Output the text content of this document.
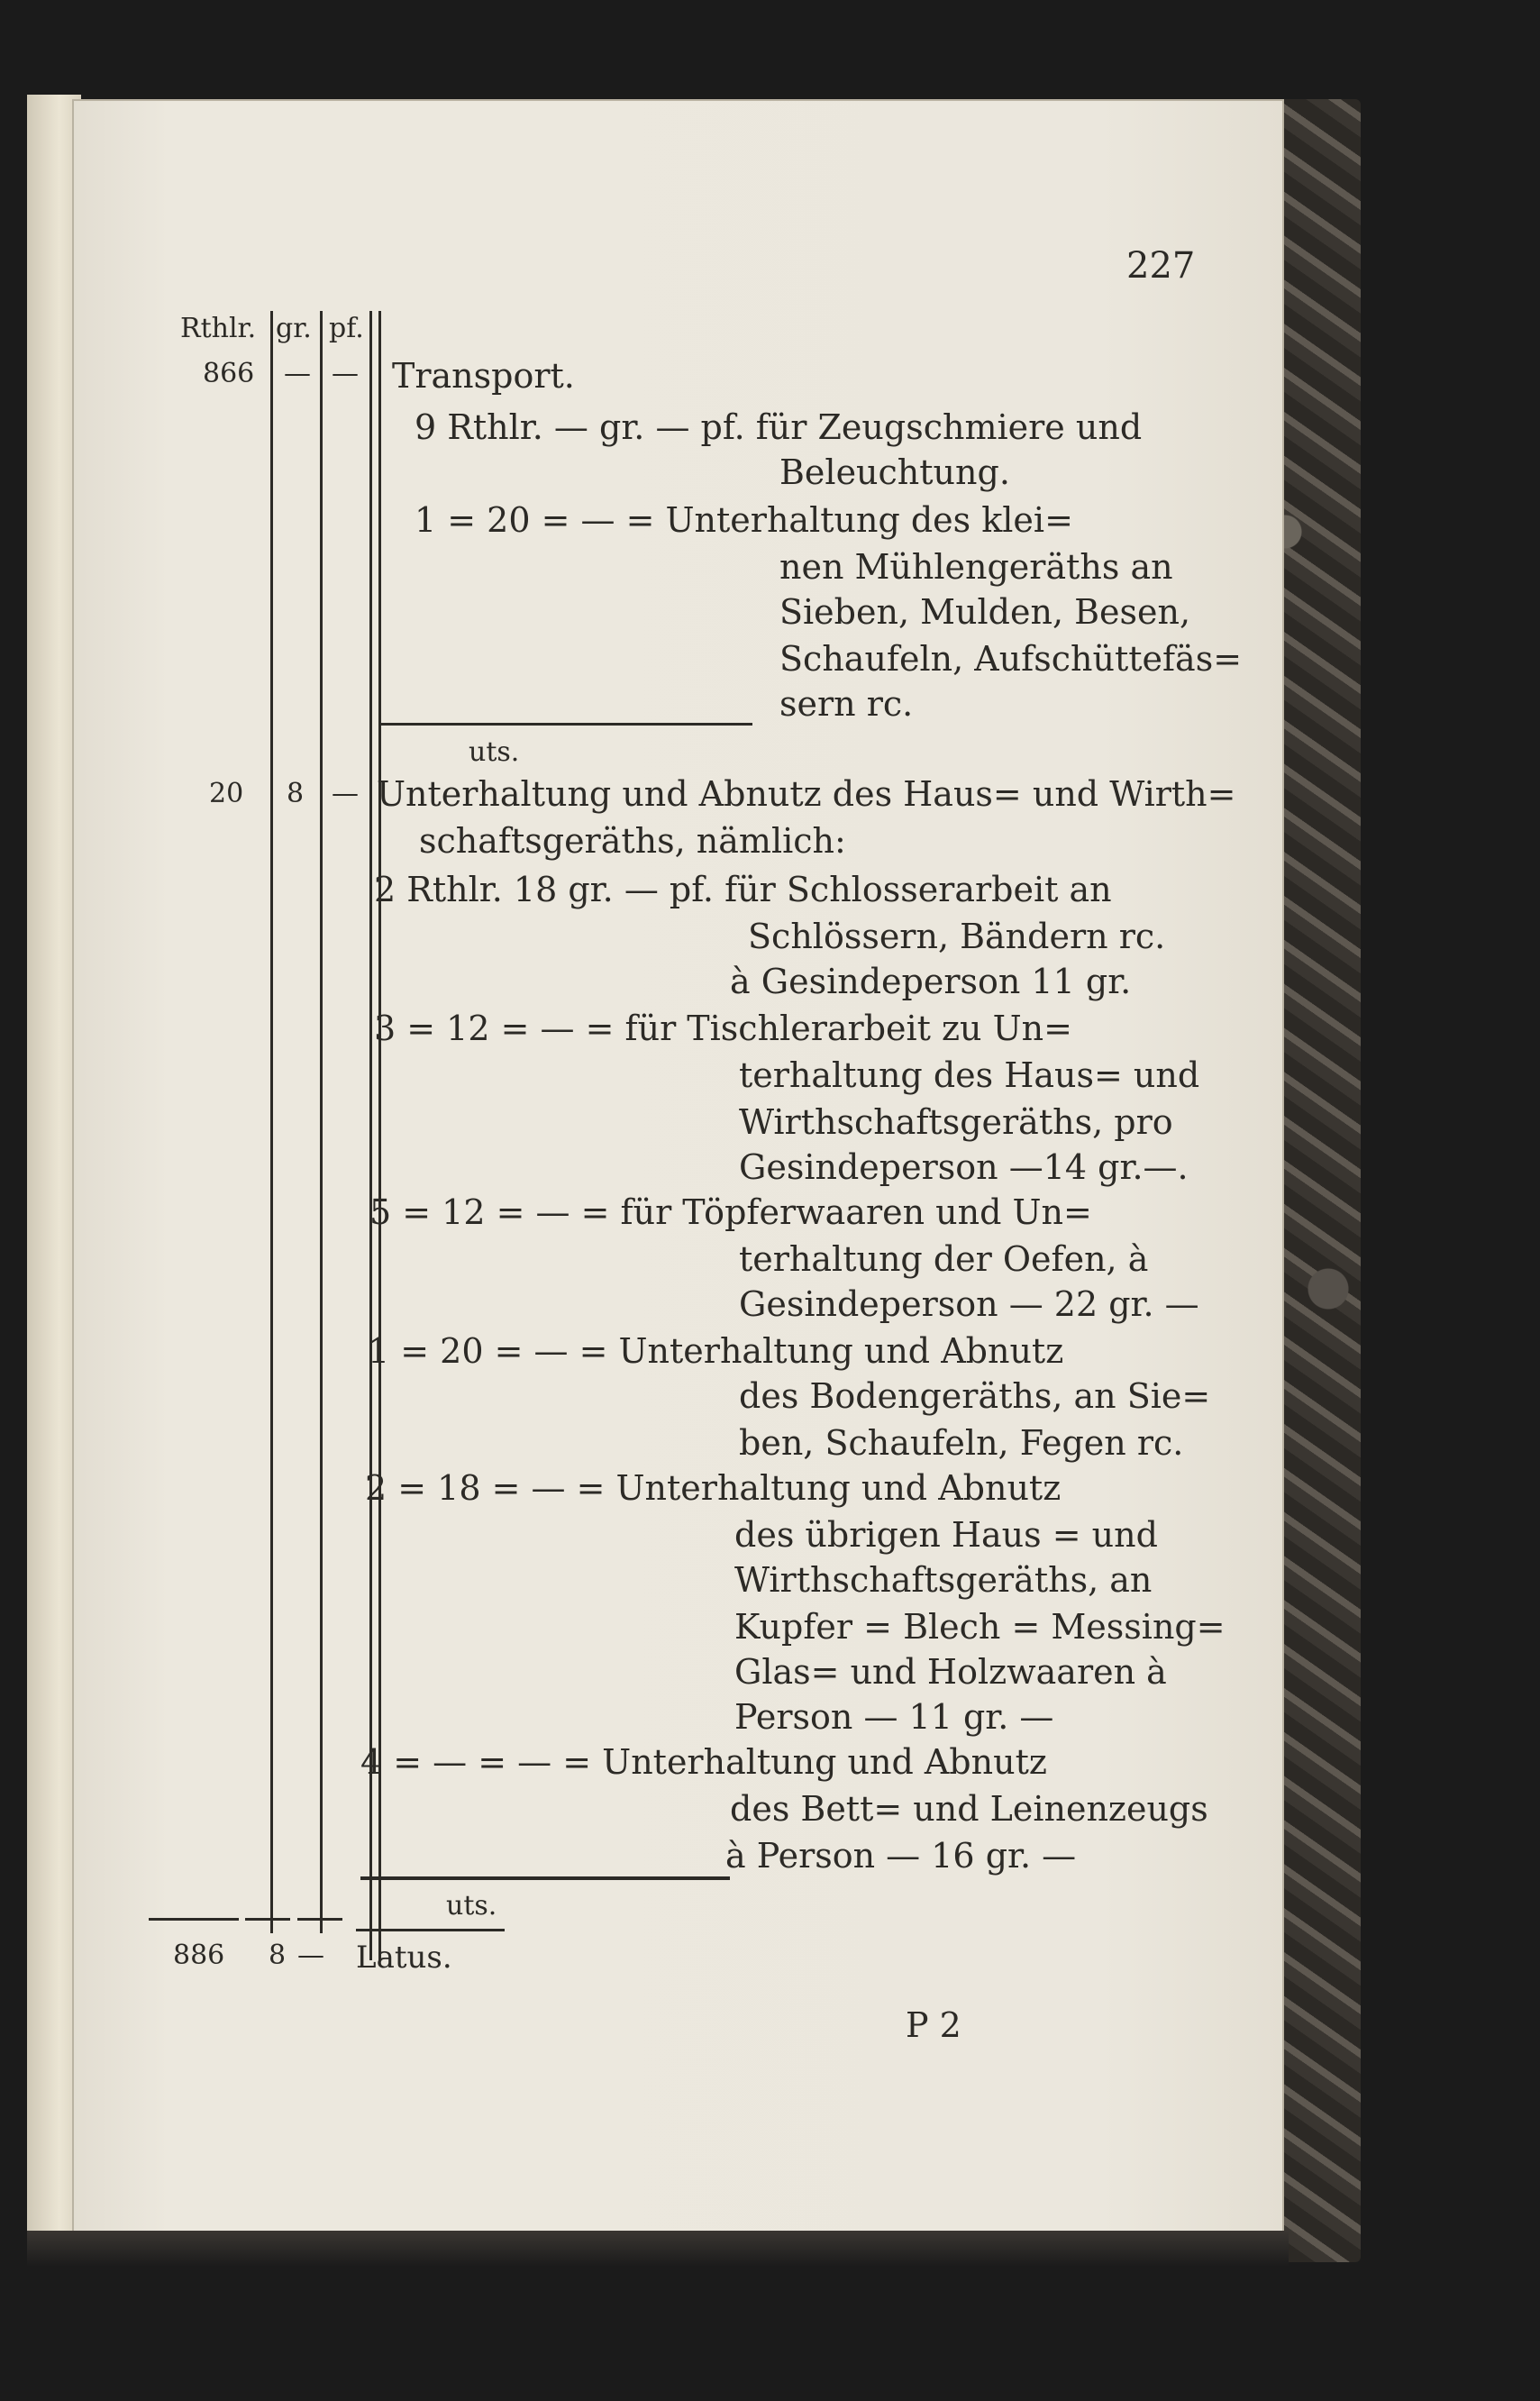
227
Rthlr. gr. pf.
866 — — Transport.
9 Rthlr. — gr. — pf. für Zeugschmiere und
Beleuchtung.
1 = 20 = — = Unterhaltung des klei=
nen Mühlengeräths an
Sieben, Mulden, Besen,
Schaufeln, Aufschüttefäs=
sern rc.
uts.
20 8 — Unterhaltung und Abnutz des Haus= und Wirth=
schaftsgeräths, nämlich:
2 Rthlr. 18 gr. — pf. für Schlosserarbeit an
Schlössern, Bändern rc.
à Gesindeperson 11 gr.
3 = 12 = — = für Tischlerarbeit zu Un=
terhaltung des Haus= und
Wirthschaftsgeräths, pro
Gesindeperson —14 gr.—.
5 = 12 = — = für Töpferwaaren und Un=
terhaltung der Oefen, à
Gesindeperson — 22 gr. —
1 = 20 = — = Unterhaltung und Abnutz
des Bodengeräths, an Sie=
ben, Schaufeln, Fegen rc.
2 = 18 = — = Unterhaltung und Abnutz
des übrigen Haus = und
Wirthschaftsgeräths, an
Kupfer = Blech = Messing=
Glas= und Holzwaaren à
Person — 11 gr. —
4 = — = — = Unterhaltung und Abnutz
des Bett= und Leinenzeugs
à Person — 16 gr. —
uts.
886 8 — Latus.
P 2
